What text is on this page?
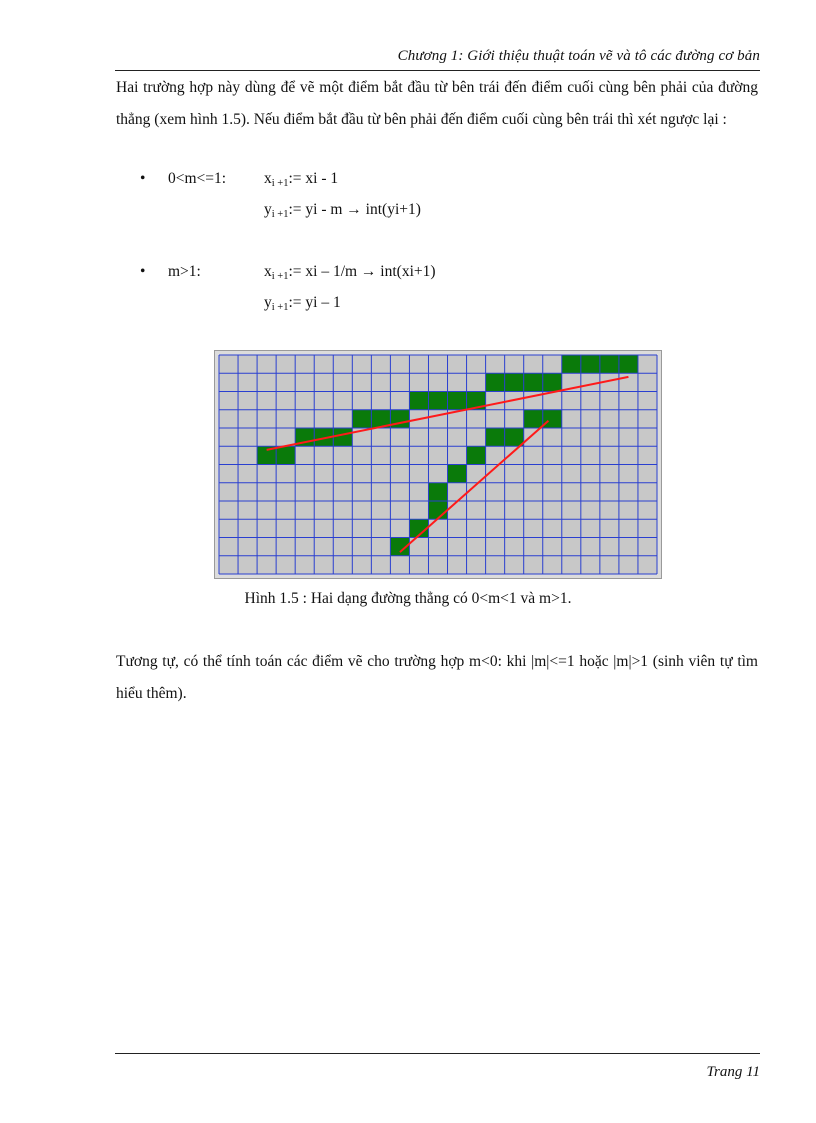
Chương 1: Giới thiệu thuật toán vẽ và tô các đường cơ bản

Hai trường hợp này dùng để vẽ một điểm bắt đầu từ bên trái đến điểm cuối cùng bên phải của đường thẳng (xem hình 1.5). Nếu điểm bắt đầu từ bên phải đến điểm cuối cùng bên trái thì xét ngược lại :

• 0<m<=1: $x_{i +1}:=$ xi - 1
$y_{i +1}:=$ yi - m → int(yi+1)
• m>1:	$x_{i +1}:=$ xi – 1/m → int(xi+1)
$y_{i +1}:=$ yi – 1
Hình 1.5 : Hai dạng đường thẳng có 0<m<1 và m>1.

Tương tự, có thể tính toán các điểm vẽ cho trường hợp m<0: khi |m|<=1 hoặc |m|>1 (sinh viên tự tìm hiểu thêm).

Trang 11
